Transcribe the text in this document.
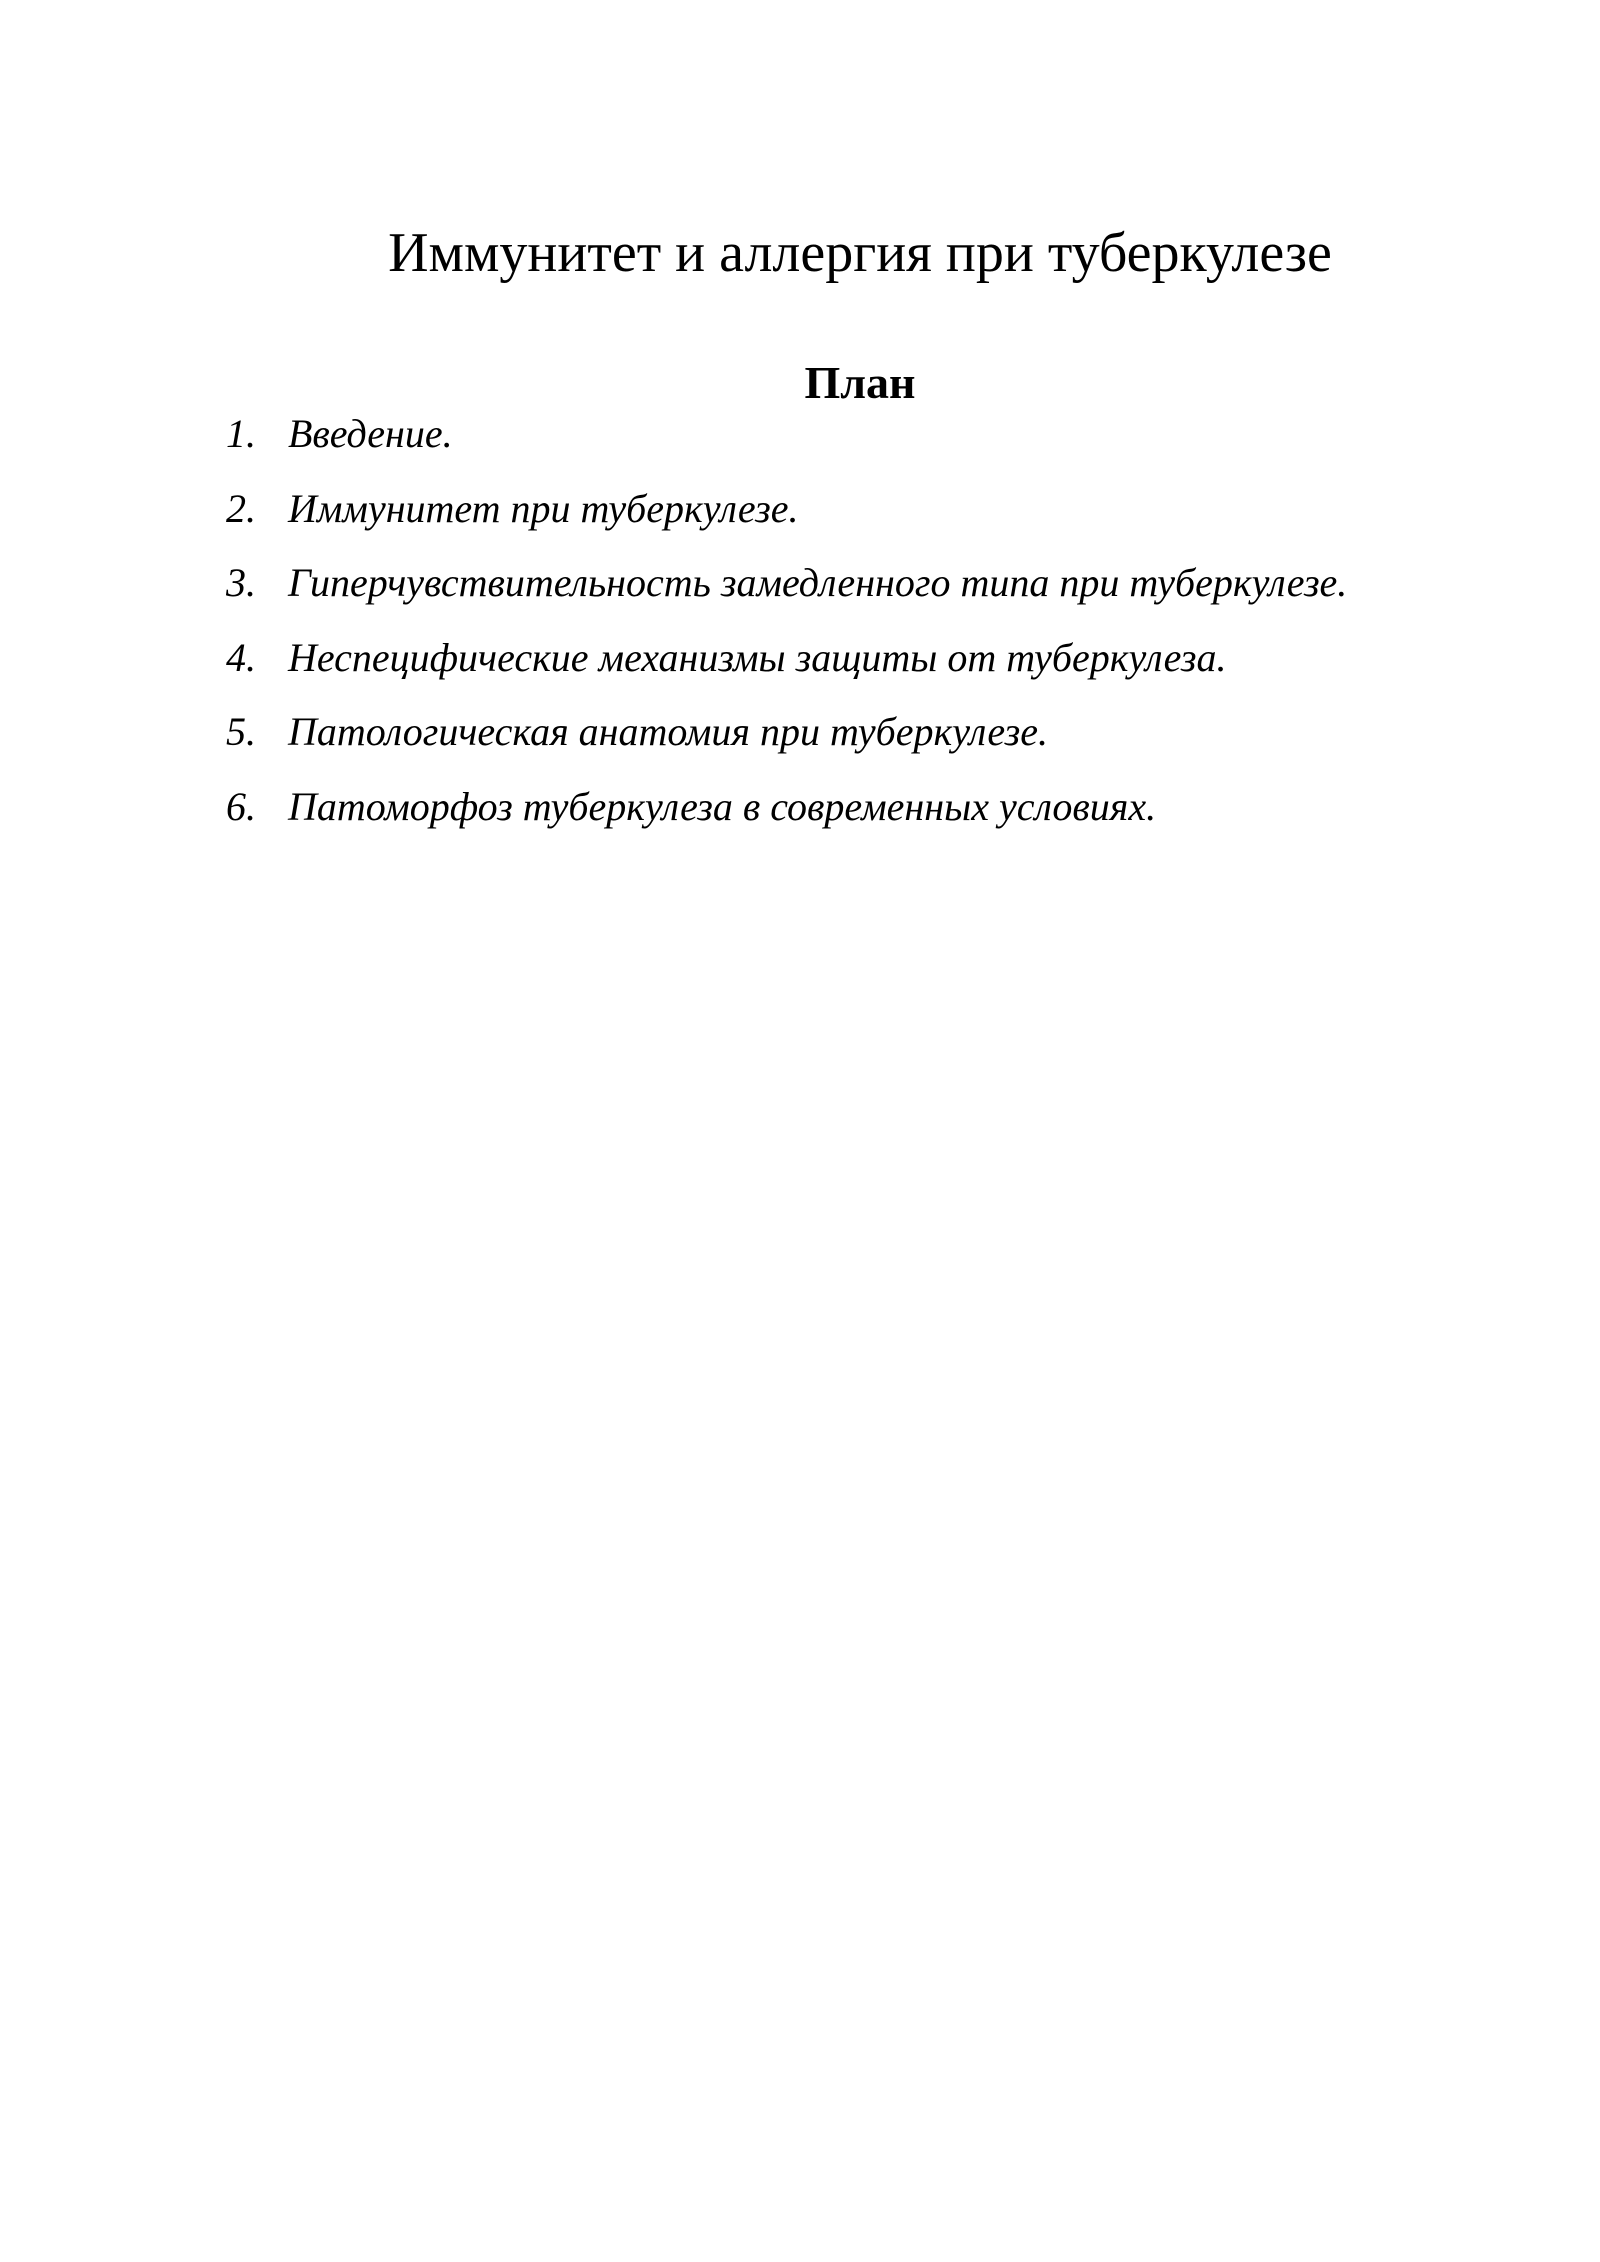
Иммунитет и аллергия при туберкулезе
План
1. Введение.
2. Иммунитет при туберкулезе.
3. Гиперчувствительность замедленного типа при туберкулезе.
4. Неспецифические механизмы защиты от туберкулеза.
5. Патологическая анатомия при туберкулезе.
6. Патоморфоз туберкулеза в современных условиях.
